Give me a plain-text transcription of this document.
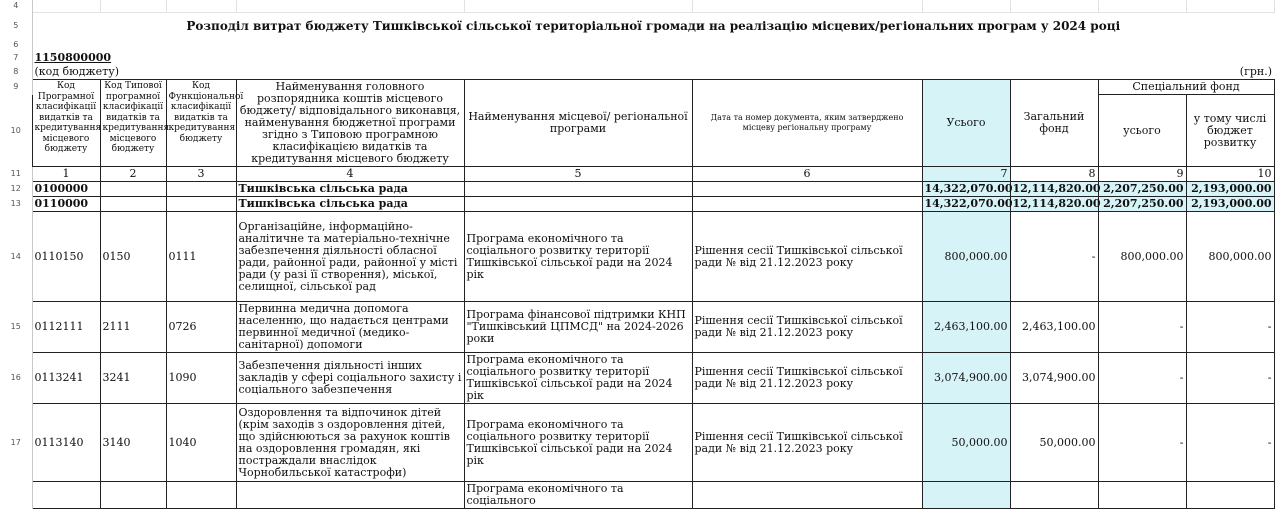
4											
5	Розподіл витрат бюджету Тишківської сільської територіальної громади на реалізацію місцевих/регіональних програм у 2024 році										
6											
7	1150800000										
8	(код бюджету)									(грн.)	
9	Код Програмної класифікації видатків та кредитування місцевого бюджету	Код Типової програмної класифікації видатків та кредитування місцевого бюджету	Код Функціональної класифікації видатків та кредитування бюджету	Найменування головного розпорядника коштів місцевого бюджету/ відповідального виконавця, найменування бюджетної програми згідно з Типовою програмною класифікацією видатків та кредитування місцевого бюджету	Найменування місцевої/ регіональної програми	Дата та номер документа, яким затверджено місцеву регіональну програму	Усього	Загальний фонд	Спеціальний фонд		
10									усього	у тому числі бюджет розвитку	
11	1	2	3	4	5	6	7	8	9	10	
12	0100000			Тишківська сільська рада			14,322,070.00	12,114,820.00	2,207,250.00	2,193,000.00	
13	0110000			Тишківська сільська рада			14,322,070.00	12,114,820.00	2,207,250.00	2,193,000.00	
14	0110150	0150	0111	Організаційне, інформаційно-аналітичне та матеріально-технічне забезпечення діяльності обласної ради, районної ради, районної у місті ради (у разі її створення), міської, селищної, сільської рад	Програма економічного та соціального розвитку території Тишківської сільської ради на 2024 рік	Рішення сесії Тишківської сільської ради № від 21.12.2023 року	800,000.00	-	800,000.00	800,000.00	
15	0112111	2111	0726	Первинна медична допомога населенню, що надається центрами первинної медичної (медико-санітарної) допомоги	Програма фінансової підтримки КНП "Тишківський ЦПМСД" на 2024-2026 роки	Рішення сесії Тишківської сільської ради № від 21.12.2023 року	2,463,100.00	2,463,100.00	-	-	
16	0113241	3241	1090	Забезпечення діяльності інших закладів у сфері соціального захисту і соціального забезпечення	Програма економічного та соціального розвитку території Тишківської сільської ради на 2024 рік	Рішення сесії Тишківської сільської ради № від 21.12.2023 року	3,074,900.00	3,074,900.00	-	-	
17	0113140	3140	1040	Оздоровлення та відпочинок дітей (крім заходів з оздоровлення дітей, що здійснюються за рахунок коштів на оздоровлення громадян, які постраждали внаслідок Чорнобильської катастрофи)	Програма економічного та соціального розвитку території Тишківської сільської ради на 2024 рік	Рішення сесії Тишківської сільської ради № від 21.12.2023 року	50,000.00	50,000.00	-	-	
					Програма економічного та соціального						
